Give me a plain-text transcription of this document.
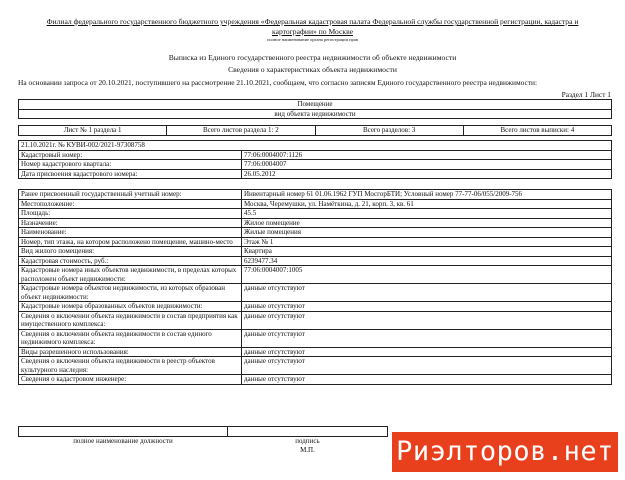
Филиал федерального государственного бюджетного учреждения «Федеральная кадастровая палата Федеральной службы государственной регистрации, кадастра и
картографии» по Москве
полное наименование органа регистрации прав
Выписка из Единого государственного реестра недвижимости об объекте недвижимости
Сведения о характеристиках объекта недвижимости
На основании запроса от 20.10.2021, поступившего на рассмотрение 21.10.2021, сообщаем, что согласно записям Единого государственного реестра недвижимости:
Раздел 1 Лист 1
Помещение
вид объекта недвижимости
Лист № 1 раздела 1	Всего листов раздела 1: 2	Всего разделов: 3	Всего листов выписки: 4
21.10.2021г. № КУВИ-002/2021-97308758	
Кадастровый номер:	77:06:0004007:1126
Номер кадастрового квартала:	77:06:0004007
Дата присвоения кадастрового номера:	26.05.2012
Ранее присвоенный государственный учетный номер:	Инвентарный номер 61 01.06.1962 ГУП МосгорБТИ; Условный номер 77-77-06/055/2009-756
Местоположение:	Москва, Черемушки, ул. Намёткина, д. 21, корп. 3, кв. 61
Площадь:	45.5
Назначение:	Жилое помещение
Наименование:	Жилые помещения
Номер, тип этажа, на котором расположено помещение, машино-место	Этаж № 1
Вид жилого помещения:	Квартира
Кадастровая стоимость, руб.:	6239477.34
Кадастровые номера иных объектов недвижимости, в пределах которых расположен объект недвижимости:	77:06:0004007:1005
Кадастровые номера объектов недвижимости, из которых образован объект недвижимости:	данные отсутствуют
Кадастровые номера образованных объектов недвижимости:	данные отсутствуют
Сведения о включении объекта недвижимости в состав предприятия как имущественного комплекса:	данные отсутствуют
Сведения о включении объекта недвижимости в состав единого недвижимого комплекса:	данные отсутствуют
Виды разрешенного использования:	данные отсутствуют
Сведения о включении объекта недвижимости в реестр объектов культурного наследия:	данные отсутствуют
Сведения о кадастровом инженере:	данные отсутствуют

полное наименование должности	подпись
	М.П.	Риэлторов.нет
